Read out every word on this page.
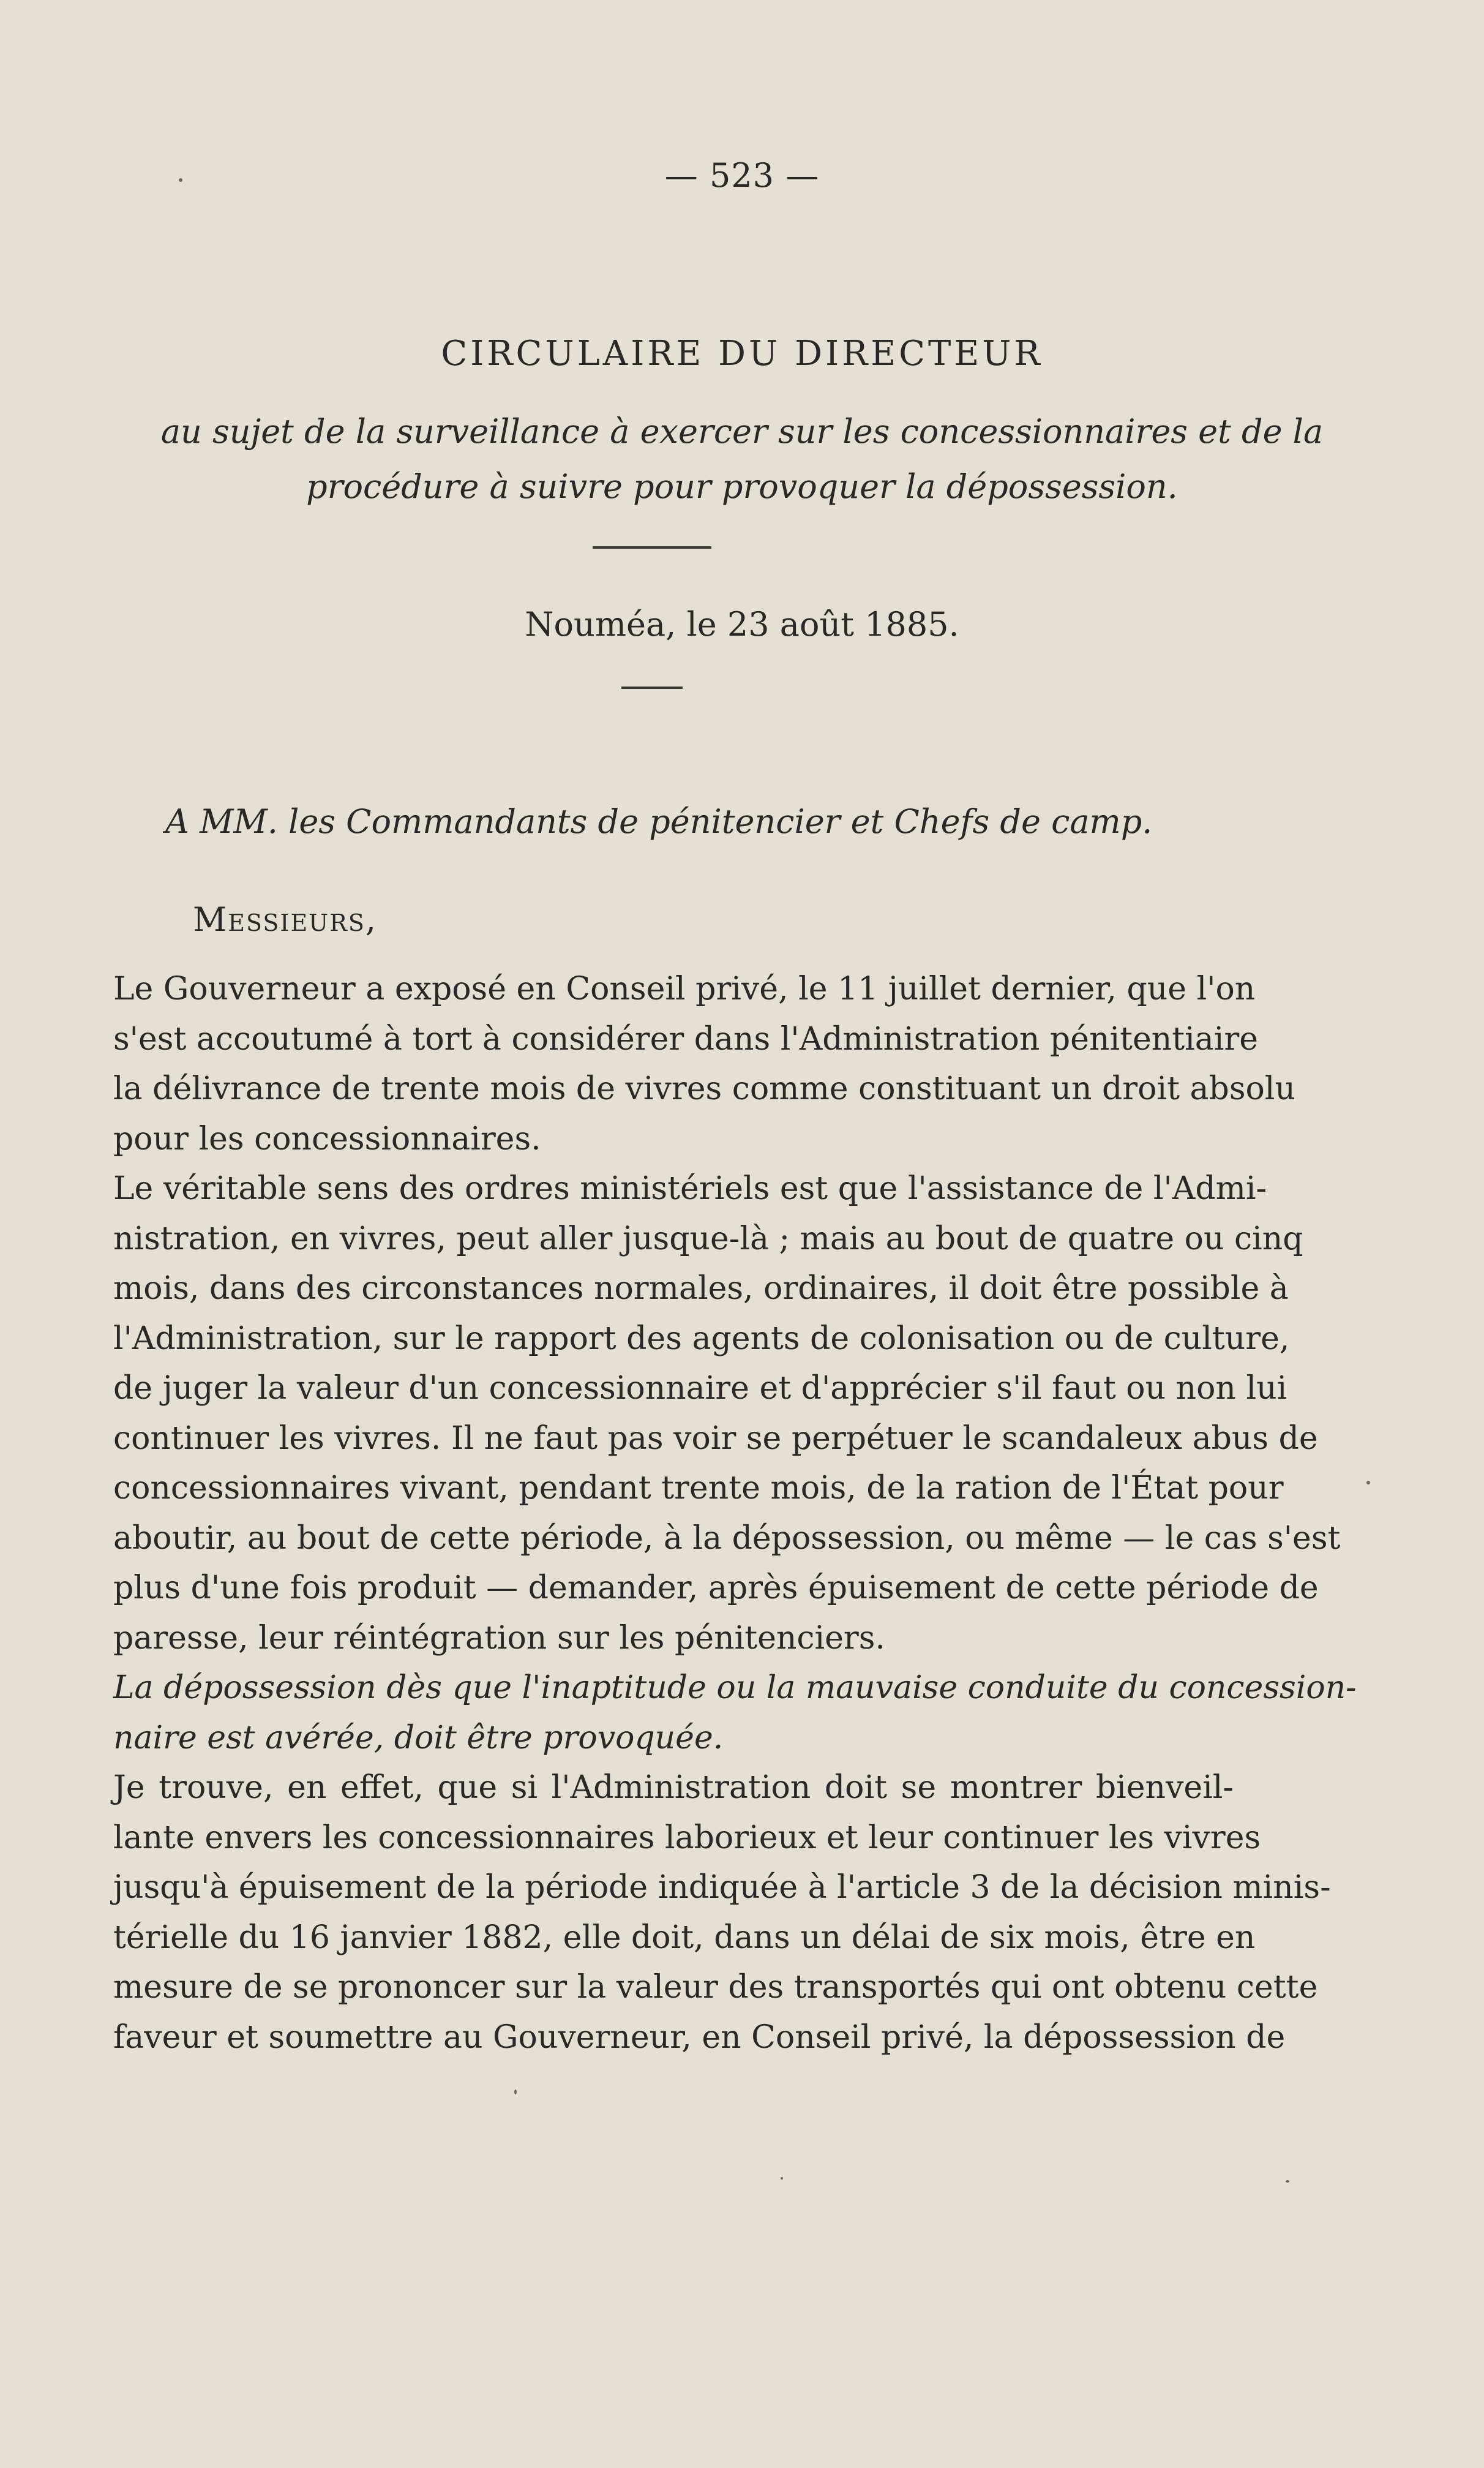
— 523 —
CIRCULAIRE DU DIRECTEUR
au sujet de la surveillance à exercer sur les concessionnaires et de la procédure à suivre pour provoquer la dépossession.
Nouméa, le 23 août 1885.
A MM. les Commandants de pénitencier et Chefs de camp.
Messieurs,

Le Gouverneur a exposé en Conseil privé, le 11 juillet dernier, que l'on
s'est accoutumé à tort à considérer dans l'Administration pénitentiaire
la délivrance de trente mois de vivres comme constituant un droit absolu
pour les concessionnaires.

Le véritable sens des ordres ministériels est que l'assistance de l'Admi-
nistration, en vivres, peut aller jusque-là ; mais au bout de quatre ou cinq
mois, dans des circonstances normales, ordinaires, il doit être possible à
l'Administration, sur le rapport des agents de colonisation ou de culture,
de juger la valeur d'un concessionnaire et d'apprécier s'il faut ou non lui
continuer les vivres. Il ne faut pas voir se perpétuer le scandaleux abus de
concessionnaires vivant, pendant trente mois, de la ration de l'État pour
aboutir, au bout de cette période, à la dépossession, ou même — le cas s'est
plus d'une fois produit — demander, après épuisement de cette période de
paresse, leur réintégration sur les pénitenciers.

La dépossession dès que l'inaptitude ou la mauvaise conduite du concession-
naire est avérée, doit être provoquée.

Je trouve, en effet, que si l'Administration doit se montrer bienveil-
lante envers les concessionnaires laborieux et leur continuer les vivres
jusqu'à épuisement de la période indiquée à l'article 3 de la décision minis-
térielle du 16 janvier 1882, elle doit, dans un délai de six mois, être en
mesure de se prononcer sur la valeur des transportés qui ont obtenu cette
faveur et soumettre au Gouverneur, en Conseil privé, la dépossession de
